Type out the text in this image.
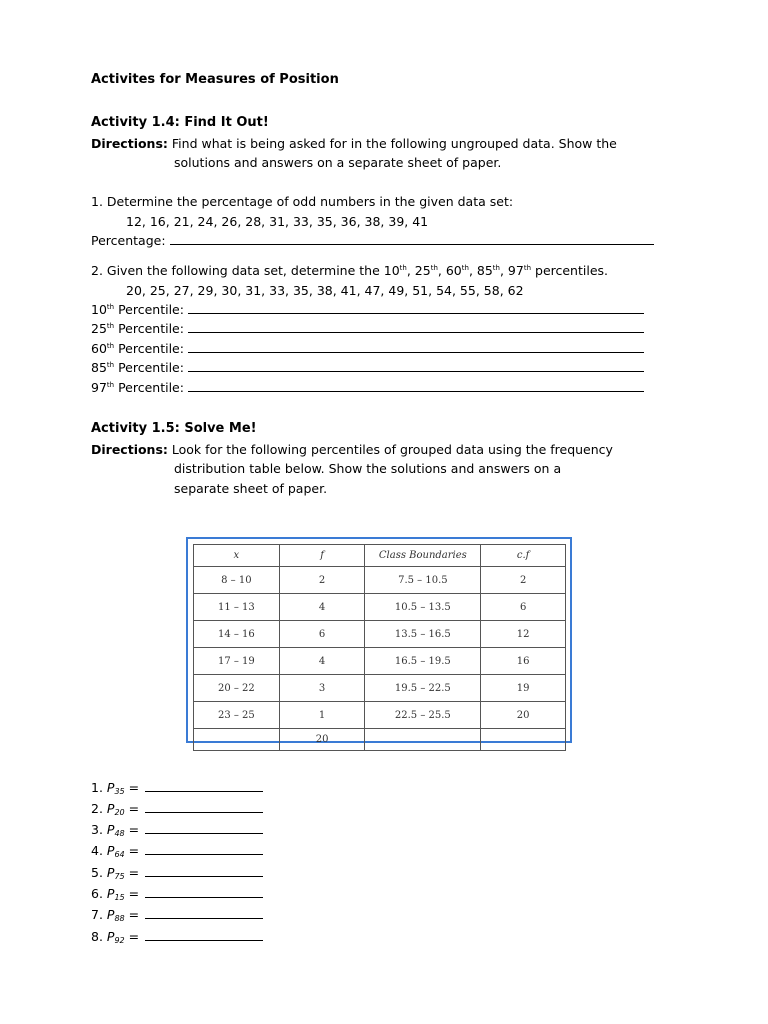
Activites for Measures of Position
Activity 1.4: Find It Out!
Directions: Find what is being asked for in the following ungrouped data. Show the
solutions and answers on a separate sheet of paper.
1. Determine the percentage of odd numbers in the given data set:
12, 16, 21, 24, 26, 28, 31, 33, 35, 36, 38, 39, 41
Percentage:
2. Given the following data set, determine the 10th, 25th, 60th, 85th, 97th percentiles.
20, 25, 27, 29, 30, 31, 33, 35, 38, 41, 47, 49, 51, 54, 55, 58, 62
10th Percentile:
25th Percentile:
60th Percentile:
85th Percentile:
97th Percentile:
Activity 1.5: Solve Me!
Directions: Look for the following percentiles of grouped data using the frequency
distribution table below. Show the solutions and answers on a
separate sheet of paper.
x	f	Class Boundaries	c.f
8 – 10	2	7.5 – 10.5	2
11 – 13	4	10.5 – 13.5	6
14 – 16	6	13.5 – 16.5	12
17 – 19	4	16.5 – 19.5	16
20 – 22	3	19.5 – 22.5	19
23 – 25	1	22.5 – 25.5	20
	20		
1. $P_{35}$ =
2. $P_{20}$ =
3. $P_{48}$ =
4. $P_{64}$ =
5. $P_{75}$ =
6. $P_{15}$ =
7. $P_{88}$ =
8. $P_{92}$ =
